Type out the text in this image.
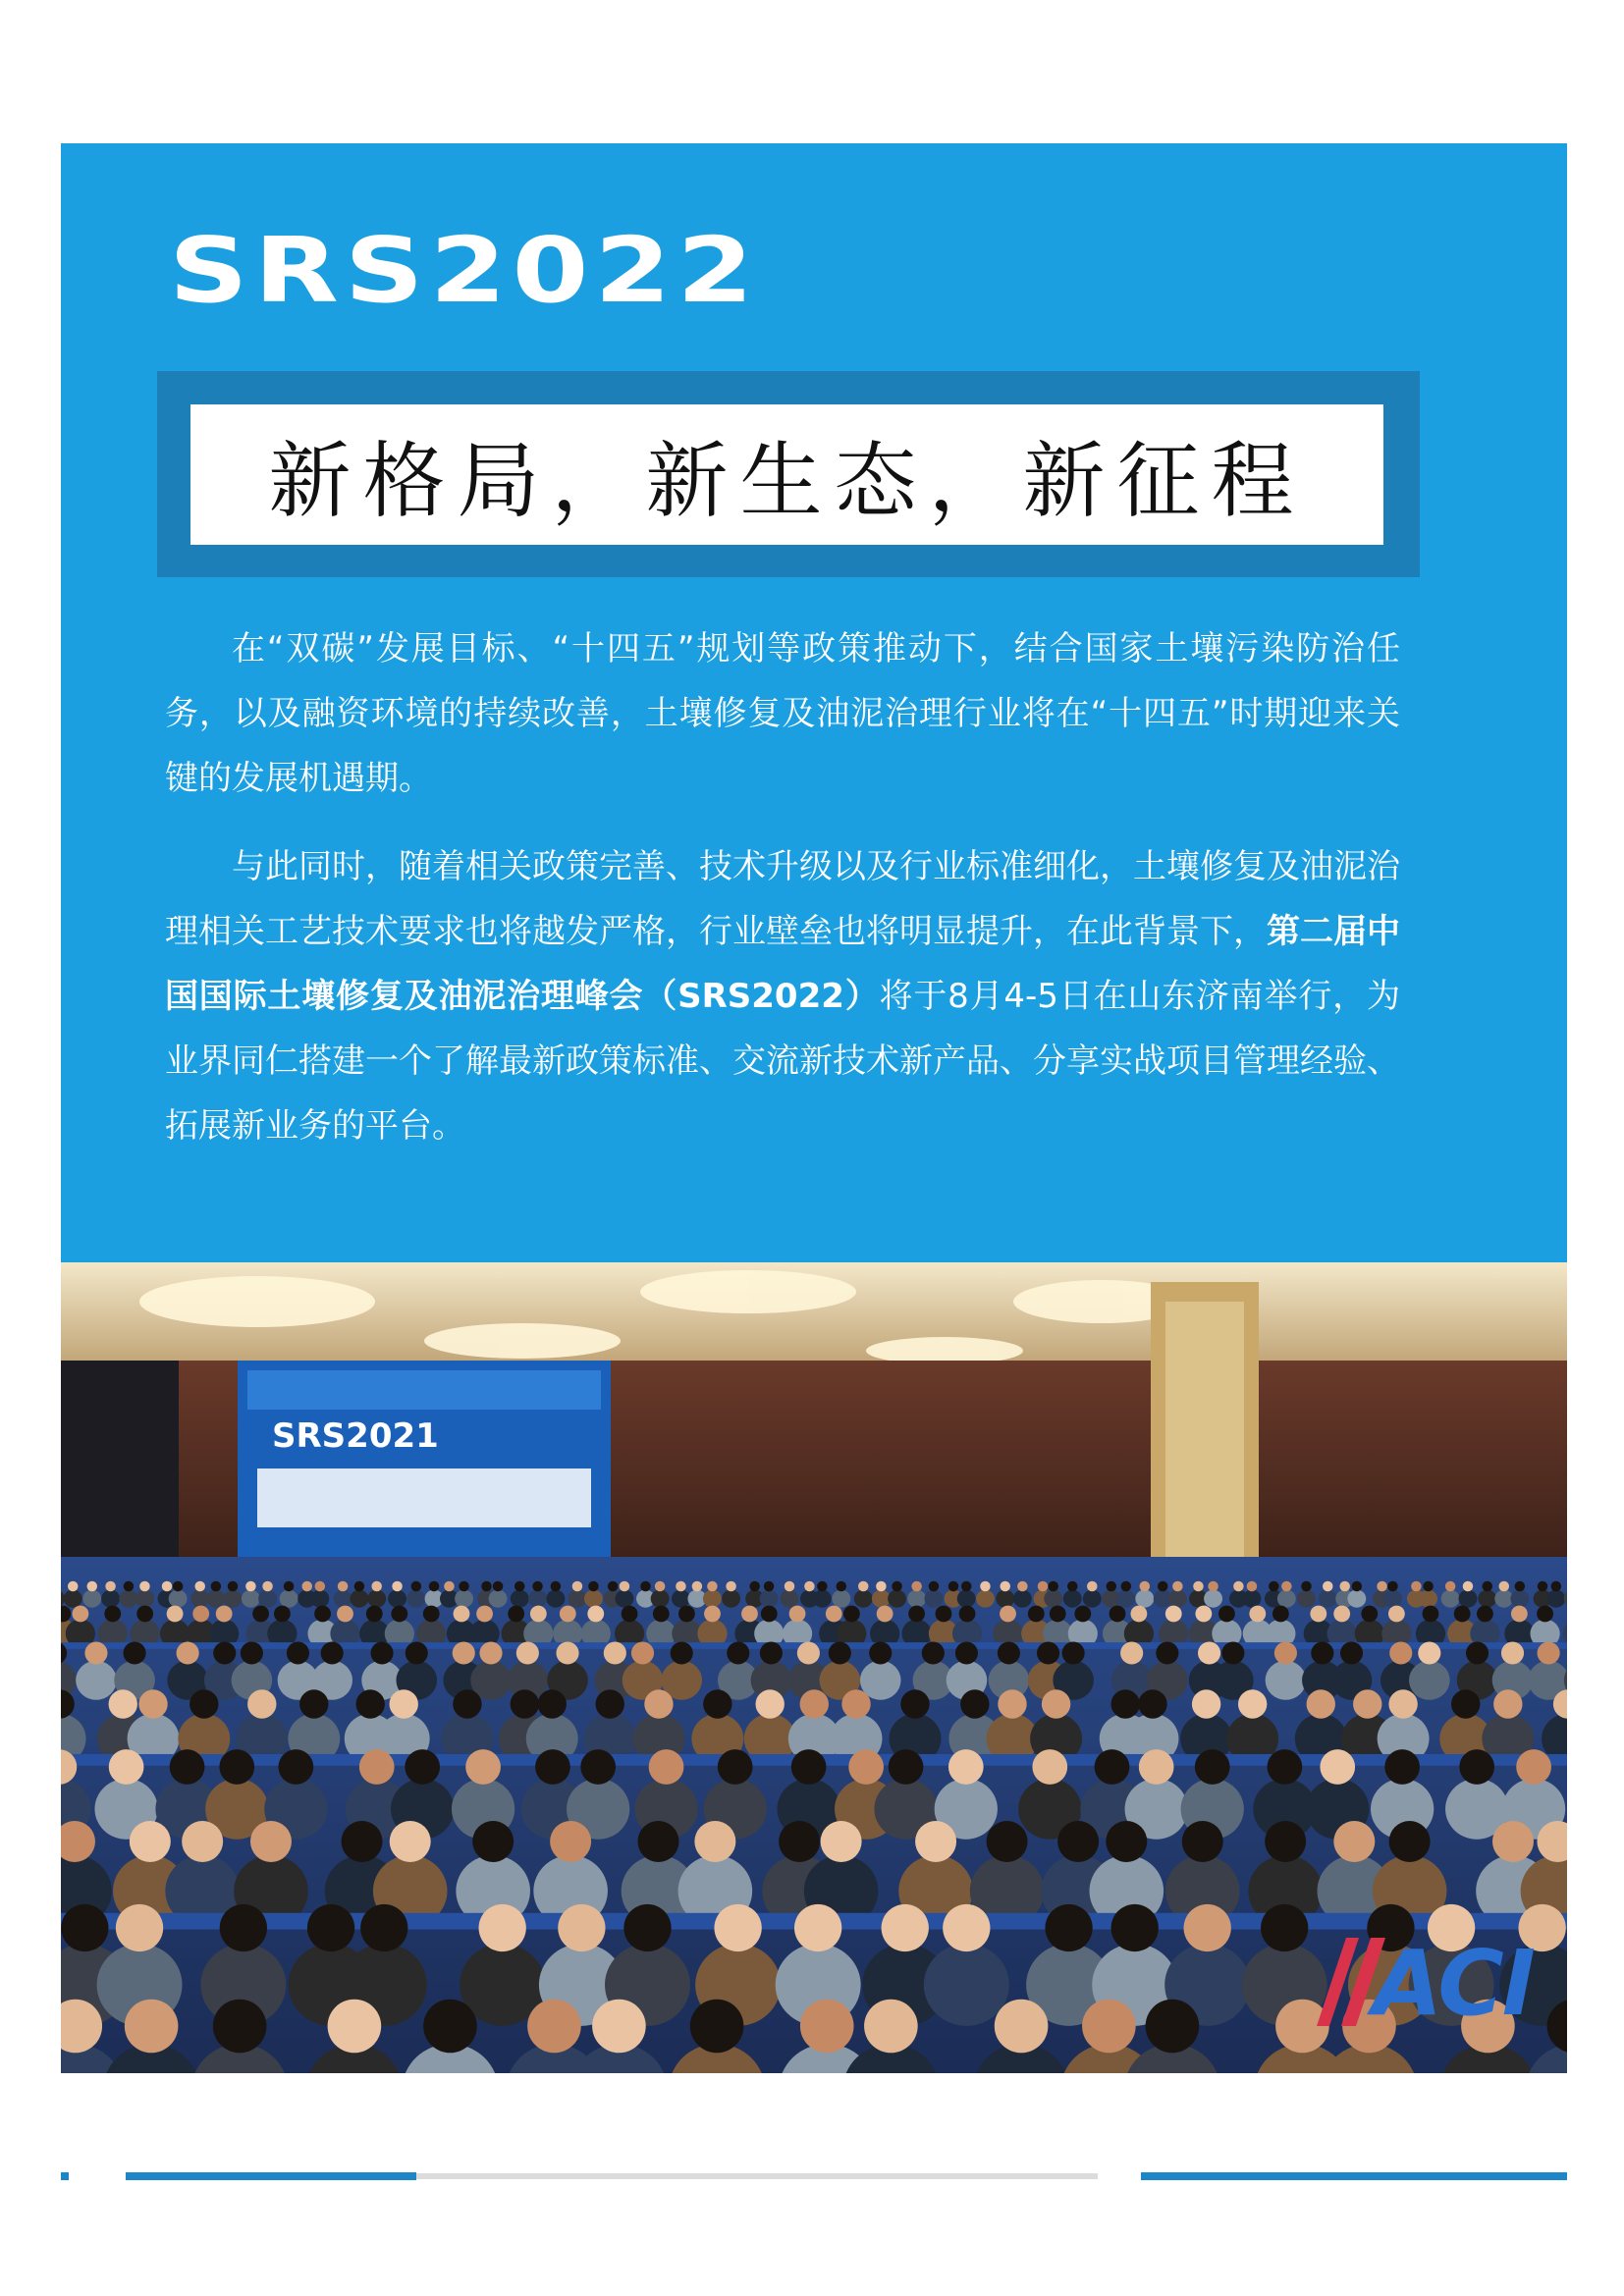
SRS2022
新格局，新生态，新征程

在“双碳”发展目标、“十四五”规划等政策推动下，结合国家土壤污染防治任务，以及融资环境的持续改善，土壤修复及油泥治理行业将在“十四五”时期迎来关键的发展机遇期。

与此同时，随着相关政策完善、技术升级以及行业标准细化，土壤修复及油泥治理相关工艺技术要求也将越发严格，行业壁垒也将明显提升，在此背景下，第二届中国国际土壤修复及油泥治理峰会（SRS2022）将于8月4-5日在山东济南举行，为业界同仁搭建一个了解最新政策标准、交流新技术新产品、分享实战项目管理经验、拓展新业务的平台。

SRS2021
ACI
